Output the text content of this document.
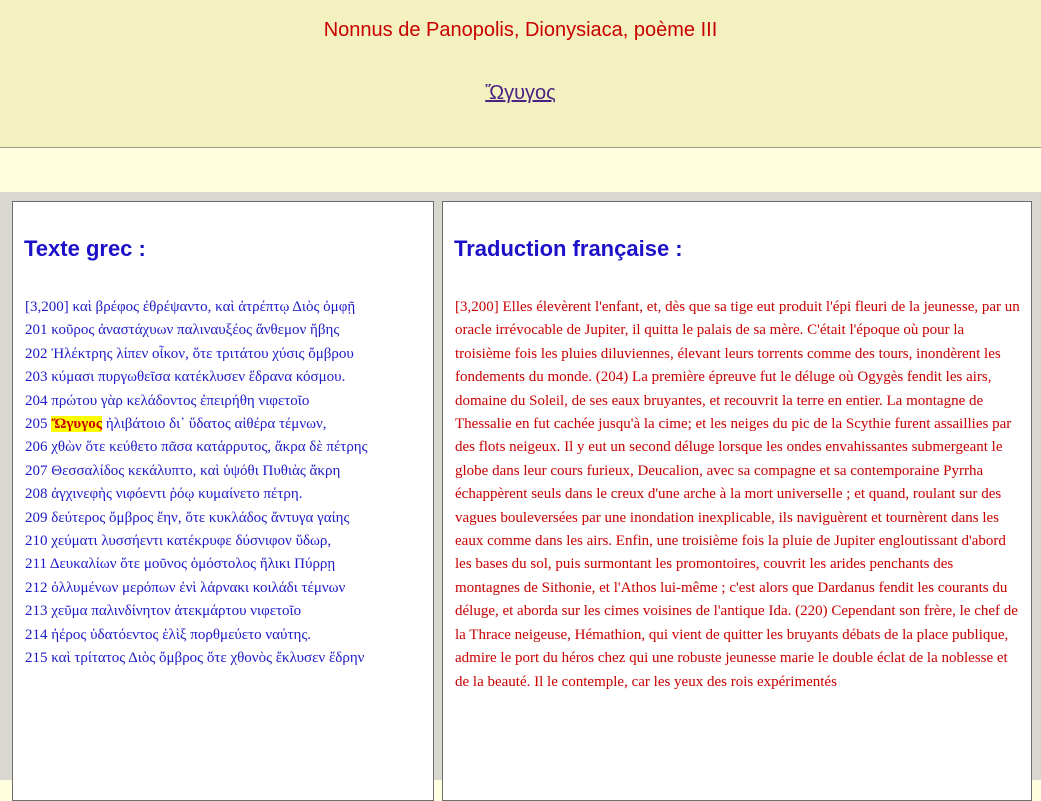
Nonnus de Panopolis, Dionysiaca, poème III
Ὤγυγος
Texte grec :
[3,200] καὶ βρέφος ἐθρέψαντο, καὶ ἀτρέπτῳ Διὸς ὀμφῇ
201 κοῦρος ἀναστάχυων παλιναυξέος ἄνθεμον ἥβης
202 Ἠλέκτρης λίπεν οἶκον, ὅτε τριτάτου χύσις ὄμβρου
203 κύμασι πυργωθεῖσα κατέκλυσεν ἕδρανα κόσμου.
204 πρώτου γὰρ κελάδοντος ἐπειρήθη νιφετοῖο
205 Ὤγυγος ἠλιβάτοιο δι᾽ ὕδατος αἰθέρα τέμνων,
206 χθὼν ὅτε κεύθετο πᾶσα κατάρρυτος, ἄκρα δὲ πέτρης
207 Θεσσαλίδος κεκάλυπτο, καὶ ὑψόθι Πυθιὰς ἄκρη
208 ἀγχινεφὴς νιφόεντι ῥόῳ κυμαίνετο πέτρη.
209 δεύτερος ὄμβρος ἔην, ὅτε κυκλάδος ἄντυγα γαίης
210 χεύματι λυσσήεντι κατέκρυφε δύσνιφον ὕδωρ,
211 Δευκαλίων ὅτε μοῦνος ὁμόστολος ἥλικι Πύρρῃ
212 ὀλλυμένων μερόπων ἐνὶ λάρνακι κοιλάδι τέμνων
213 χεῦμα παλινδίνητον ἀτεκμάρτου νιφετοῖο
214 ἠέρος ὑδατόεντος ἑλὶξ πορθμεύετο ναύτης.
215 καὶ τρίτατος Διὸς ὄμβρος ὅτε χθονὸς ἔκλυσεν ἕδρην
Traduction française :
[3,200] Elles élevèrent l'enfant, et, dès que sa tige eut produit l'épi fleuri de la jeunesse, par un oracle irrévocable de Jupiter, il quitta le palais de sa mère. C'était l'époque où pour la troisième fois les pluies diluviennes, élevant leurs torrents comme des tours, inondèrent les fondements du monde. (204) La première épreuve fut le déluge où Ogygès fendit les airs, domaine du Soleil, de ses eaux bruyantes, et recouvrit la terre en entier. La montagne de Thessalie en fut cachée jusqu'à la cime; et les neiges du pic de la Scythie furent assaillies par des flots neigeux. Il y eut un second déluge lorsque les ondes envahissantes submergeant le globe dans leur cours furieux, Deucalion, avec sa compagne et sa contemporaine Pyrrha échappèrent seuls dans le creux d'une arche à la mort universelle ; et quand, roulant sur des vagues bouleversées par une inondation inexplicable, ils naviguèrent et tournèrent dans les eaux comme dans les airs. Enfin, une troisième fois la pluie de Jupiter engloutissant d'abord les bases du sol, puis surmontant les promontoires, couvrit les arides penchants des montagnes de Sithonie, et l'Athos lui-même ; c'est alors que Dardanus fendit les courants du déluge, et aborda sur les cimes voisines de l'antique Ida. (220) Cependant son frère, le chef de la Thrace neigeuse, Hémathion, qui vient de quitter les bruyants débats de la place publique, admire le port du héros chez qui une robuste jeunesse marie le double éclat de la noblesse et de la beauté. Il le contemple, car les yeux des rois expérimentés
